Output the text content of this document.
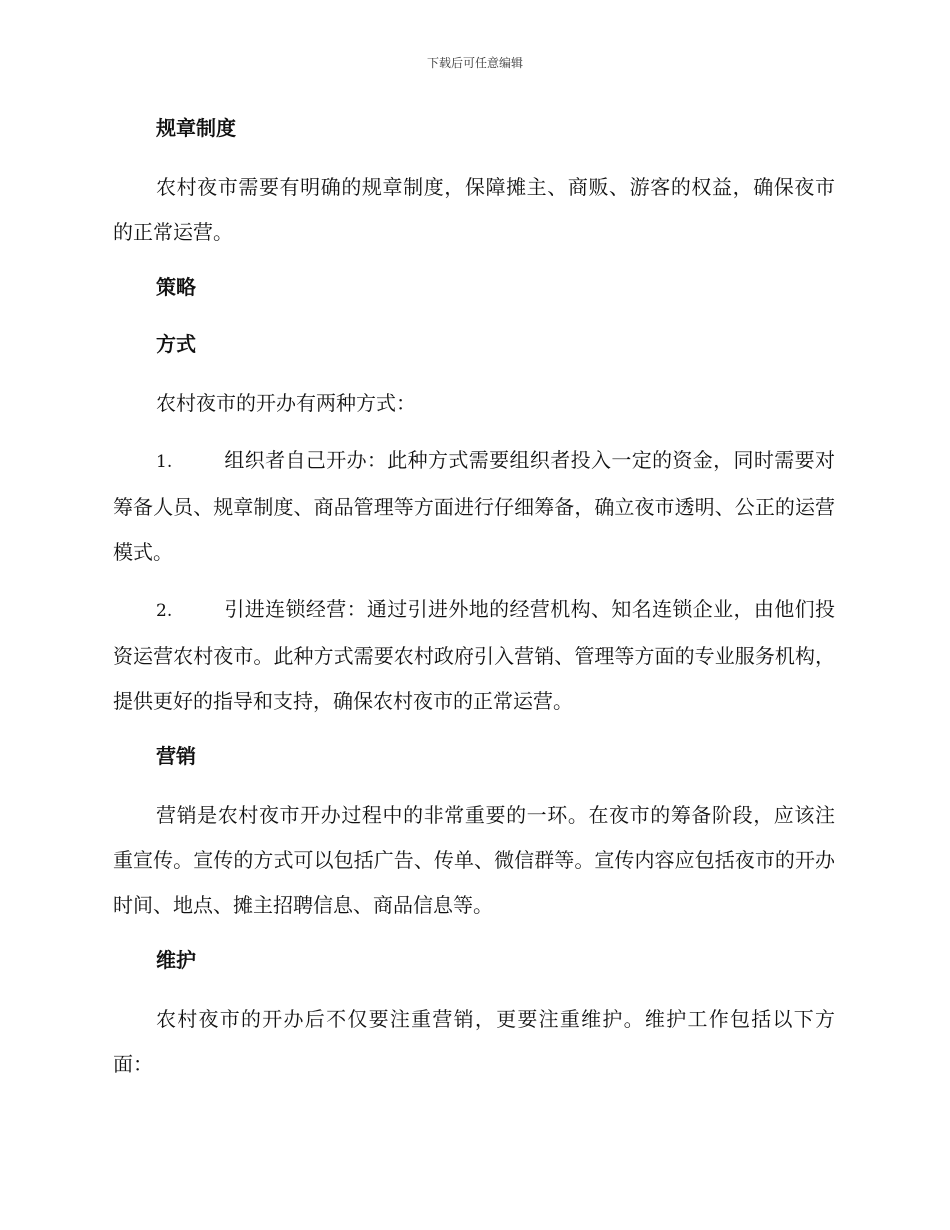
下载后可任意编辑
规章制度
农村夜市需要有明确的规章制度，保障摊主、商贩、游客的权益，确保夜市的正常运营。
策略
方式
农村夜市的开办有两种方式：
1.	组织者自己开办：此种方式需要组织者投入一定的资金，同时需要对筹备人员、规章制度、商品管理等方面进行仔细筹备，确立夜市透明、公正的运营模式。
2.	引进连锁经营：通过引进外地的经营机构、知名连锁企业，由他们投资运营农村夜市。此种方式需要农村政府引入营销、管理等方面的专业服务机构，提供更好的指导和支持，确保农村夜市的正常运营。
营销
营销是农村夜市开办过程中的非常重要的一环。在夜市的筹备阶段，应该注重宣传。宣传的方式可以包括广告、传单、微信群等。宣传内容应包括夜市的开办时间、地点、摊主招聘信息、商品信息等。
维护
农村夜市的开办后不仅要注重营销，更要注重维护。维护工作包括以下方面：
